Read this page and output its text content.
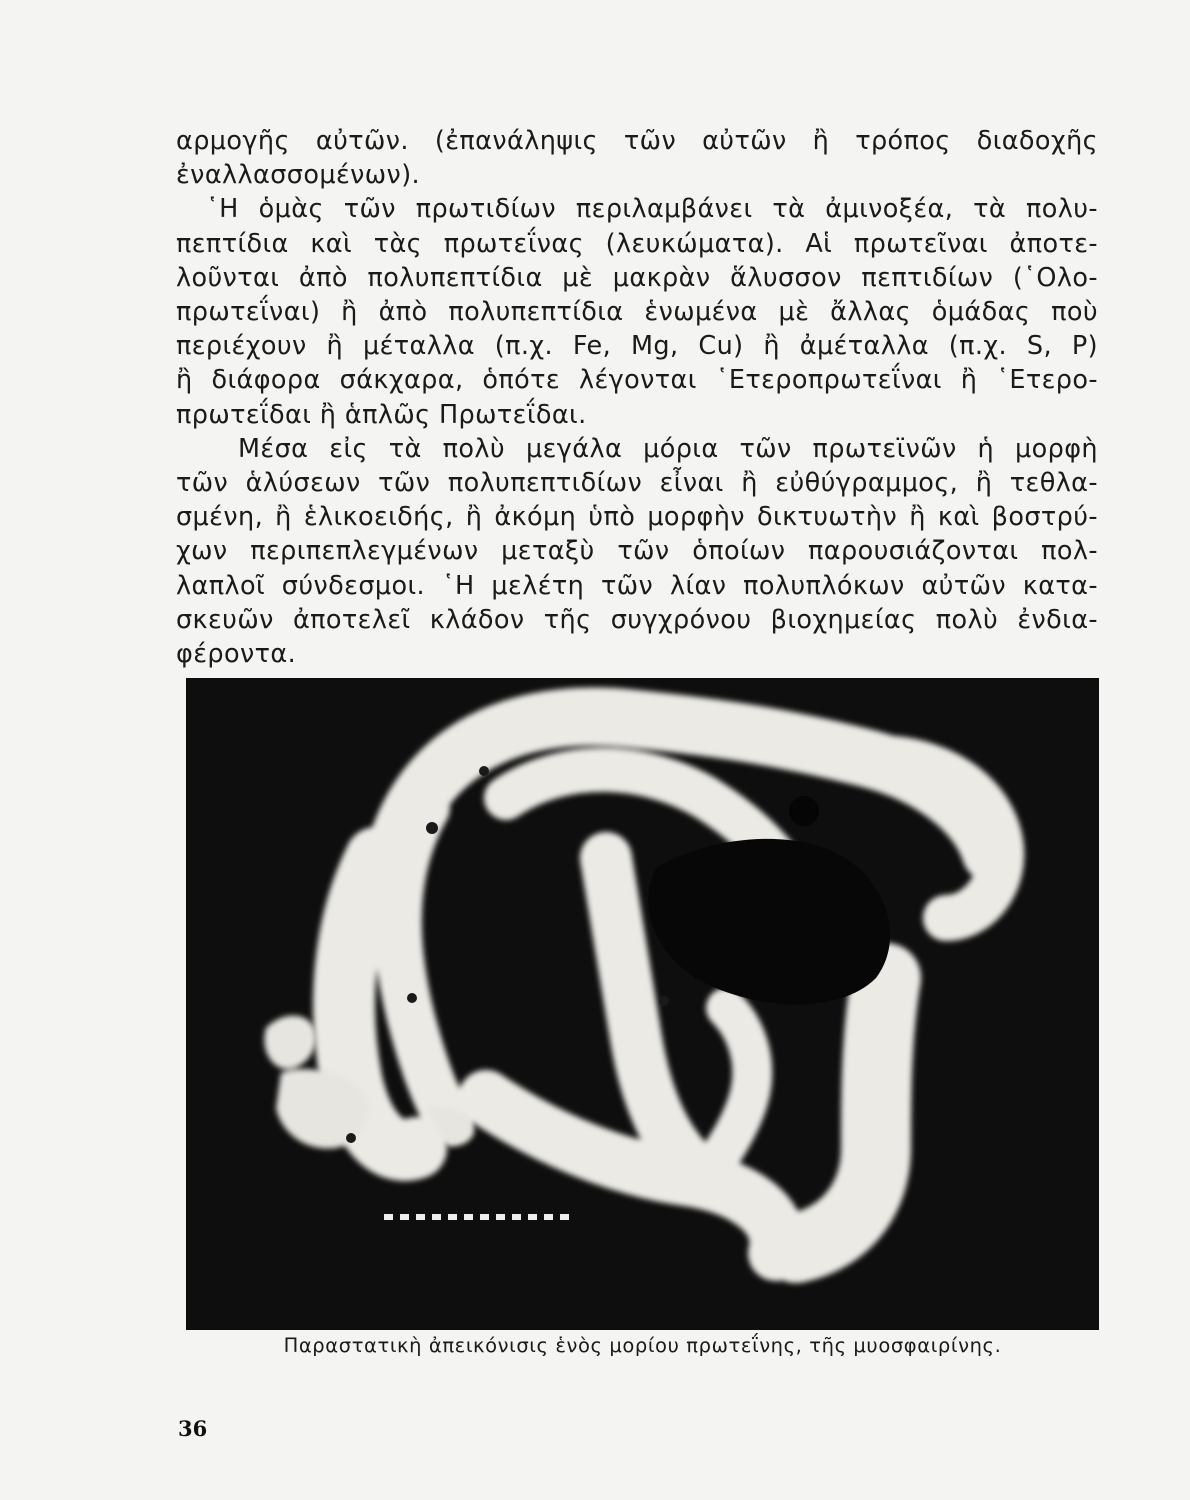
αρμογῆς αὐτῶν. (ἐπανάληψις τῶν αὐτῶν ἢ τρόπος διαδοχῆς
ἐναλλασσομένων).

῾Η ὁμὰς τῶν πρωτιδίων περιλαμβάνει τὰ ἀμινοξέα, τὰ πολυ-
πεπτίδια καὶ τὰς πρωτεΐνας (λευκώματα). Αἱ πρωτεῖναι ἀποτε-
λοῦνται ἀπὸ πολυπεπτίδια μὲ μακρὰν ἅλυσσον πεπτιδίων (῾Ολο-
πρωτεΐναι) ἢ ἀπὸ πολυπεπτίδια ἑνωμένα μὲ ἄλλας ὁμάδας ποὺ
περιέχουν ἢ μέταλλα (π.χ. Fe, Mg, Cu) ἢ ἀμέταλλα (π.χ. S, P)
ἢ διάφορα σάκχαρα, ὁπότε λέγονται ῾Ετεροπρωτεΐναι ἢ ῾Ετερο-
πρωτεΐδαι ἢ ἁπλῶς Πρωτεΐδαι.

Μέσα εἰς τὰ πολὺ μεγάλα μόρια τῶν πρωτεϊνῶν ἡ μορφὴ
τῶν ἁλύσεων τῶν πολυπεπτιδίων εἶναι ἢ εὐθύγραμμος, ἢ τεθλα-
σμένη, ἢ ἑλικοειδής, ἢ ἀκόμη ὑπὸ μορφὴν δικτυωτὴν ἢ καὶ βοστρύ-
χων περιπεπλεγμένων μεταξὺ τῶν ὁποίων παρουσιάζονται πολ-
λαπλοῖ σύνδεσμοι. ῾Η μελέτη τῶν λίαν πολυπλόκων αὐτῶν κατα-
σκευῶν ἀποτελεῖ κλάδον τῆς συγχρόνου βιοχημείας πολὺ ἐνδια-
φέροντα.

Παραστατικὴ ἀπεικόνισις ἑνὸς μορίου πρωτεΐνης, τῆς μυοσφαιρίνης.
36
